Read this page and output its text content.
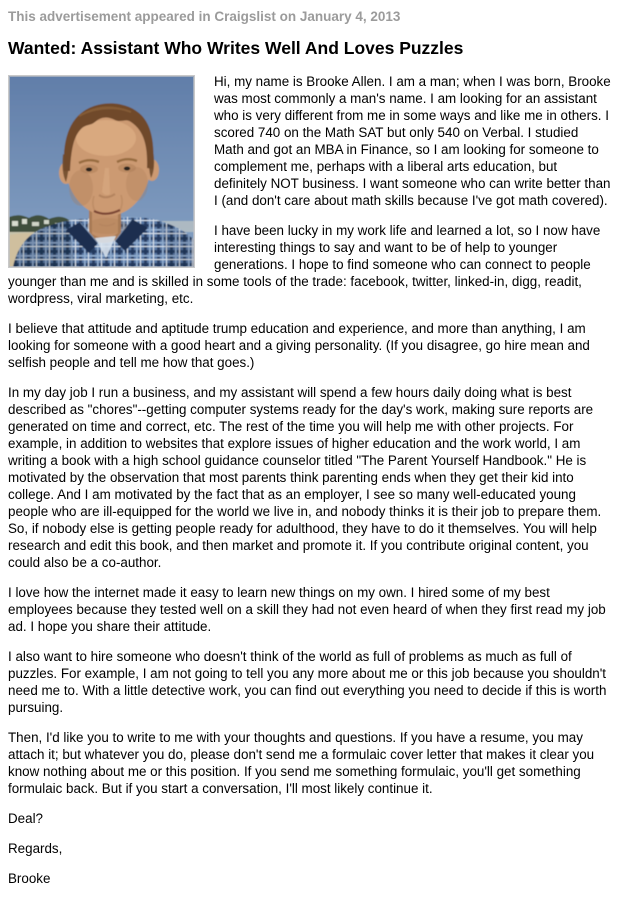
This advertisement appeared in Craigslist on January 4, 2013
Wanted: Assistant Who Writes Well And Loves Puzzles

Hi, my name is Brooke Allen. I am a man; when I was born, Brooke was most commonly a man's name. I am looking for an assistant who is very different from me in some ways and like me in others. I scored 740 on the Math SAT but only 540 on Verbal. I studied Math and got an MBA in Finance, so I am looking for someone to complement me, perhaps with a liberal arts education, but definitely NOT business. I want someone who can write better than I (and don't care about math skills because I've got math covered).

I have been lucky in my work life and learned a lot, so I now have interesting things to say and want to be of help to younger generations. I hope to find someone who can connect to people younger than me and is skilled in some tools of the trade: facebook, twitter, linked-in, digg, readit, wordpress, viral marketing, etc.

I believe that attitude and aptitude trump education and experience, and more than anything, I am looking for someone with a good heart and a giving personality. (If you disagree, go hire mean and selfish people and tell me how that goes.)

In my day job I run a business, and my assistant will spend a few hours daily doing what is best described as "chores"--getting computer systems ready for the day's work, making sure reports are generated on time and correct, etc. The rest of the time you will help me with other projects. For example, in addition to websites that explore issues of higher education and the work world, I am writing a book with a high school guidance counselor titled "The Parent Yourself Handbook." He is motivated by the observation that most parents think parenting ends when they get their kid into college. And I am motivated by the fact that as an employer, I see so many well-educated young people who are ill-equipped for the world we live in, and nobody thinks it is their job to prepare them. So, if nobody else is getting people ready for adulthood, they have to do it themselves. You will help research and edit this book, and then market and promote it. If you contribute original content, you could also be a co-author.

I love how the internet made it easy to learn new things on my own. I hired some of my best employees because they tested well on a skill they had not even heard of when they first read my job ad. I hope you share their attitude.

I also want to hire someone who doesn't think of the world as full of problems as much as full of puzzles. For example, I am not going to tell you any more about me or this job because you shouldn't need me to. With a little detective work, you can find out everything you need to decide if this is worth pursuing.

Then, I'd like you to write to me with your thoughts and questions. If you have a resume, you may attach it; but whatever you do, please don't send me a formulaic cover letter that makes it clear you know nothing about me or this position. If you send me something formulaic, you'll get something formulaic back. But if you start a conversation, I'll most likely continue it.

Deal?

Regards,

Brooke
